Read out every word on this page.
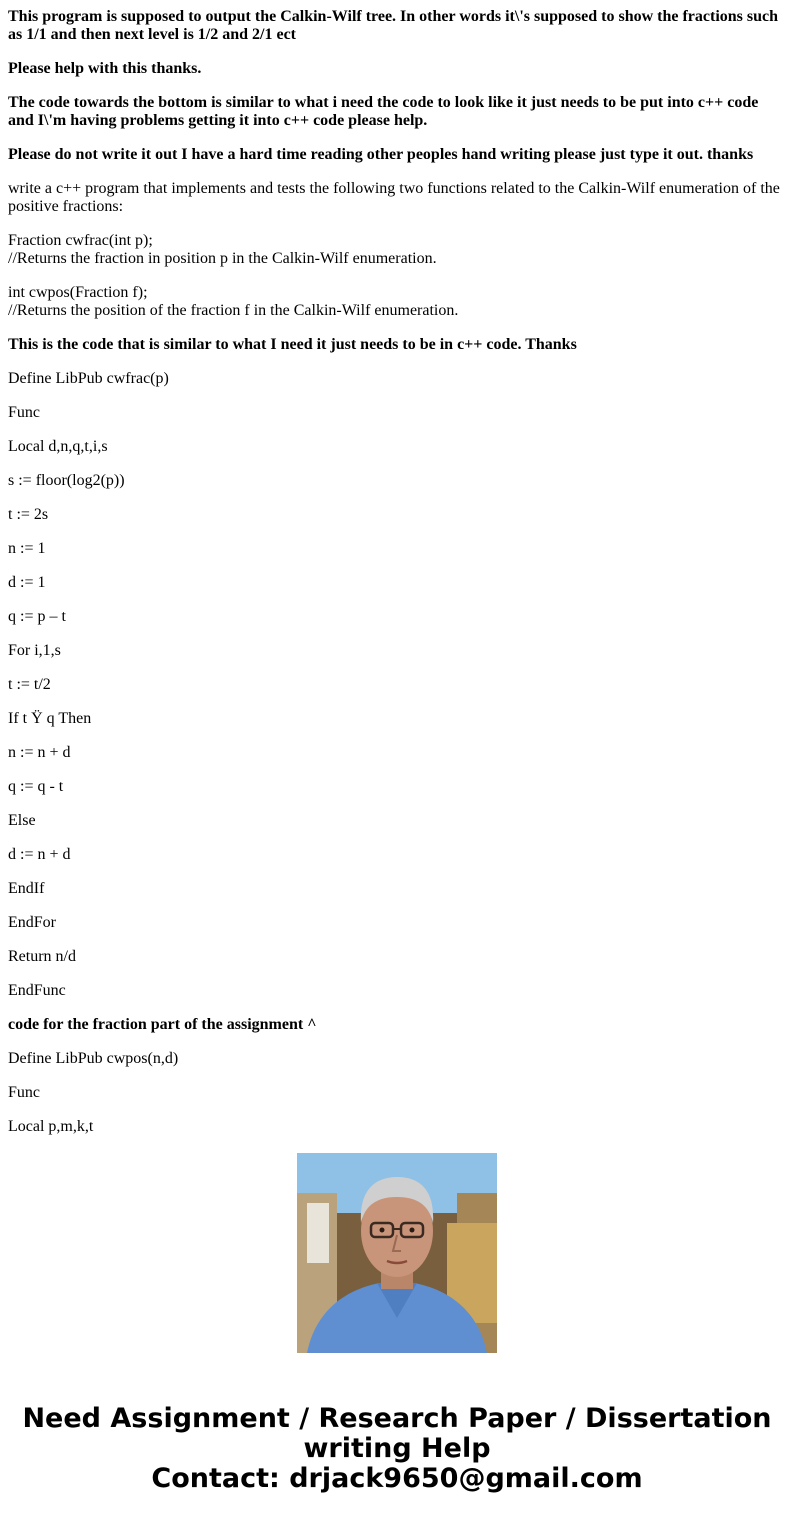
This program is supposed to output the Calkin-Wilf tree. In other words it\'s supposed to show the fractions such as 1/1 and then next level is 1/2 and 2/1 ect

Please help with this thanks.

The code towards the bottom is similar to what i need the code to look like it just needs to be put into c++ code and I\'m having problems getting it into c++ code please help.

Please do not write it out I have a hard time reading other peoples hand writing please just type it out. thanks

write a c++ program that implements and tests the following two functions related to the Calkin-Wilf enumeration of the positive fractions:

Fraction cwfrac(int p);
//Returns the fraction in position p in the Calkin-Wilf enumeration.

int cwpos(Fraction f);
//Returns the position of the fraction f in the Calkin-Wilf enumeration.

This is the code that is similar to what I need it just needs to be in c++ code. Thanks

Define LibPub cwfrac(p)

Func

Local d,n,q,t,i,s

s := floor(log2(p))

t := 2s

n := 1

d := 1

q := p – t

For i,1,s

t := t/2

If t Ÿ q Then

n := n + d

q := q - t

Else

d := n + d

EndIf

EndFor

Return n/d

EndFunc

code for the fraction part of the assignment ^

Define LibPub cwpos(n,d)

Func

Local p,m,k,t

Need Assignment / Research Paper / Dissertation
writing Help
Contact: drjack9650@gmail.com
